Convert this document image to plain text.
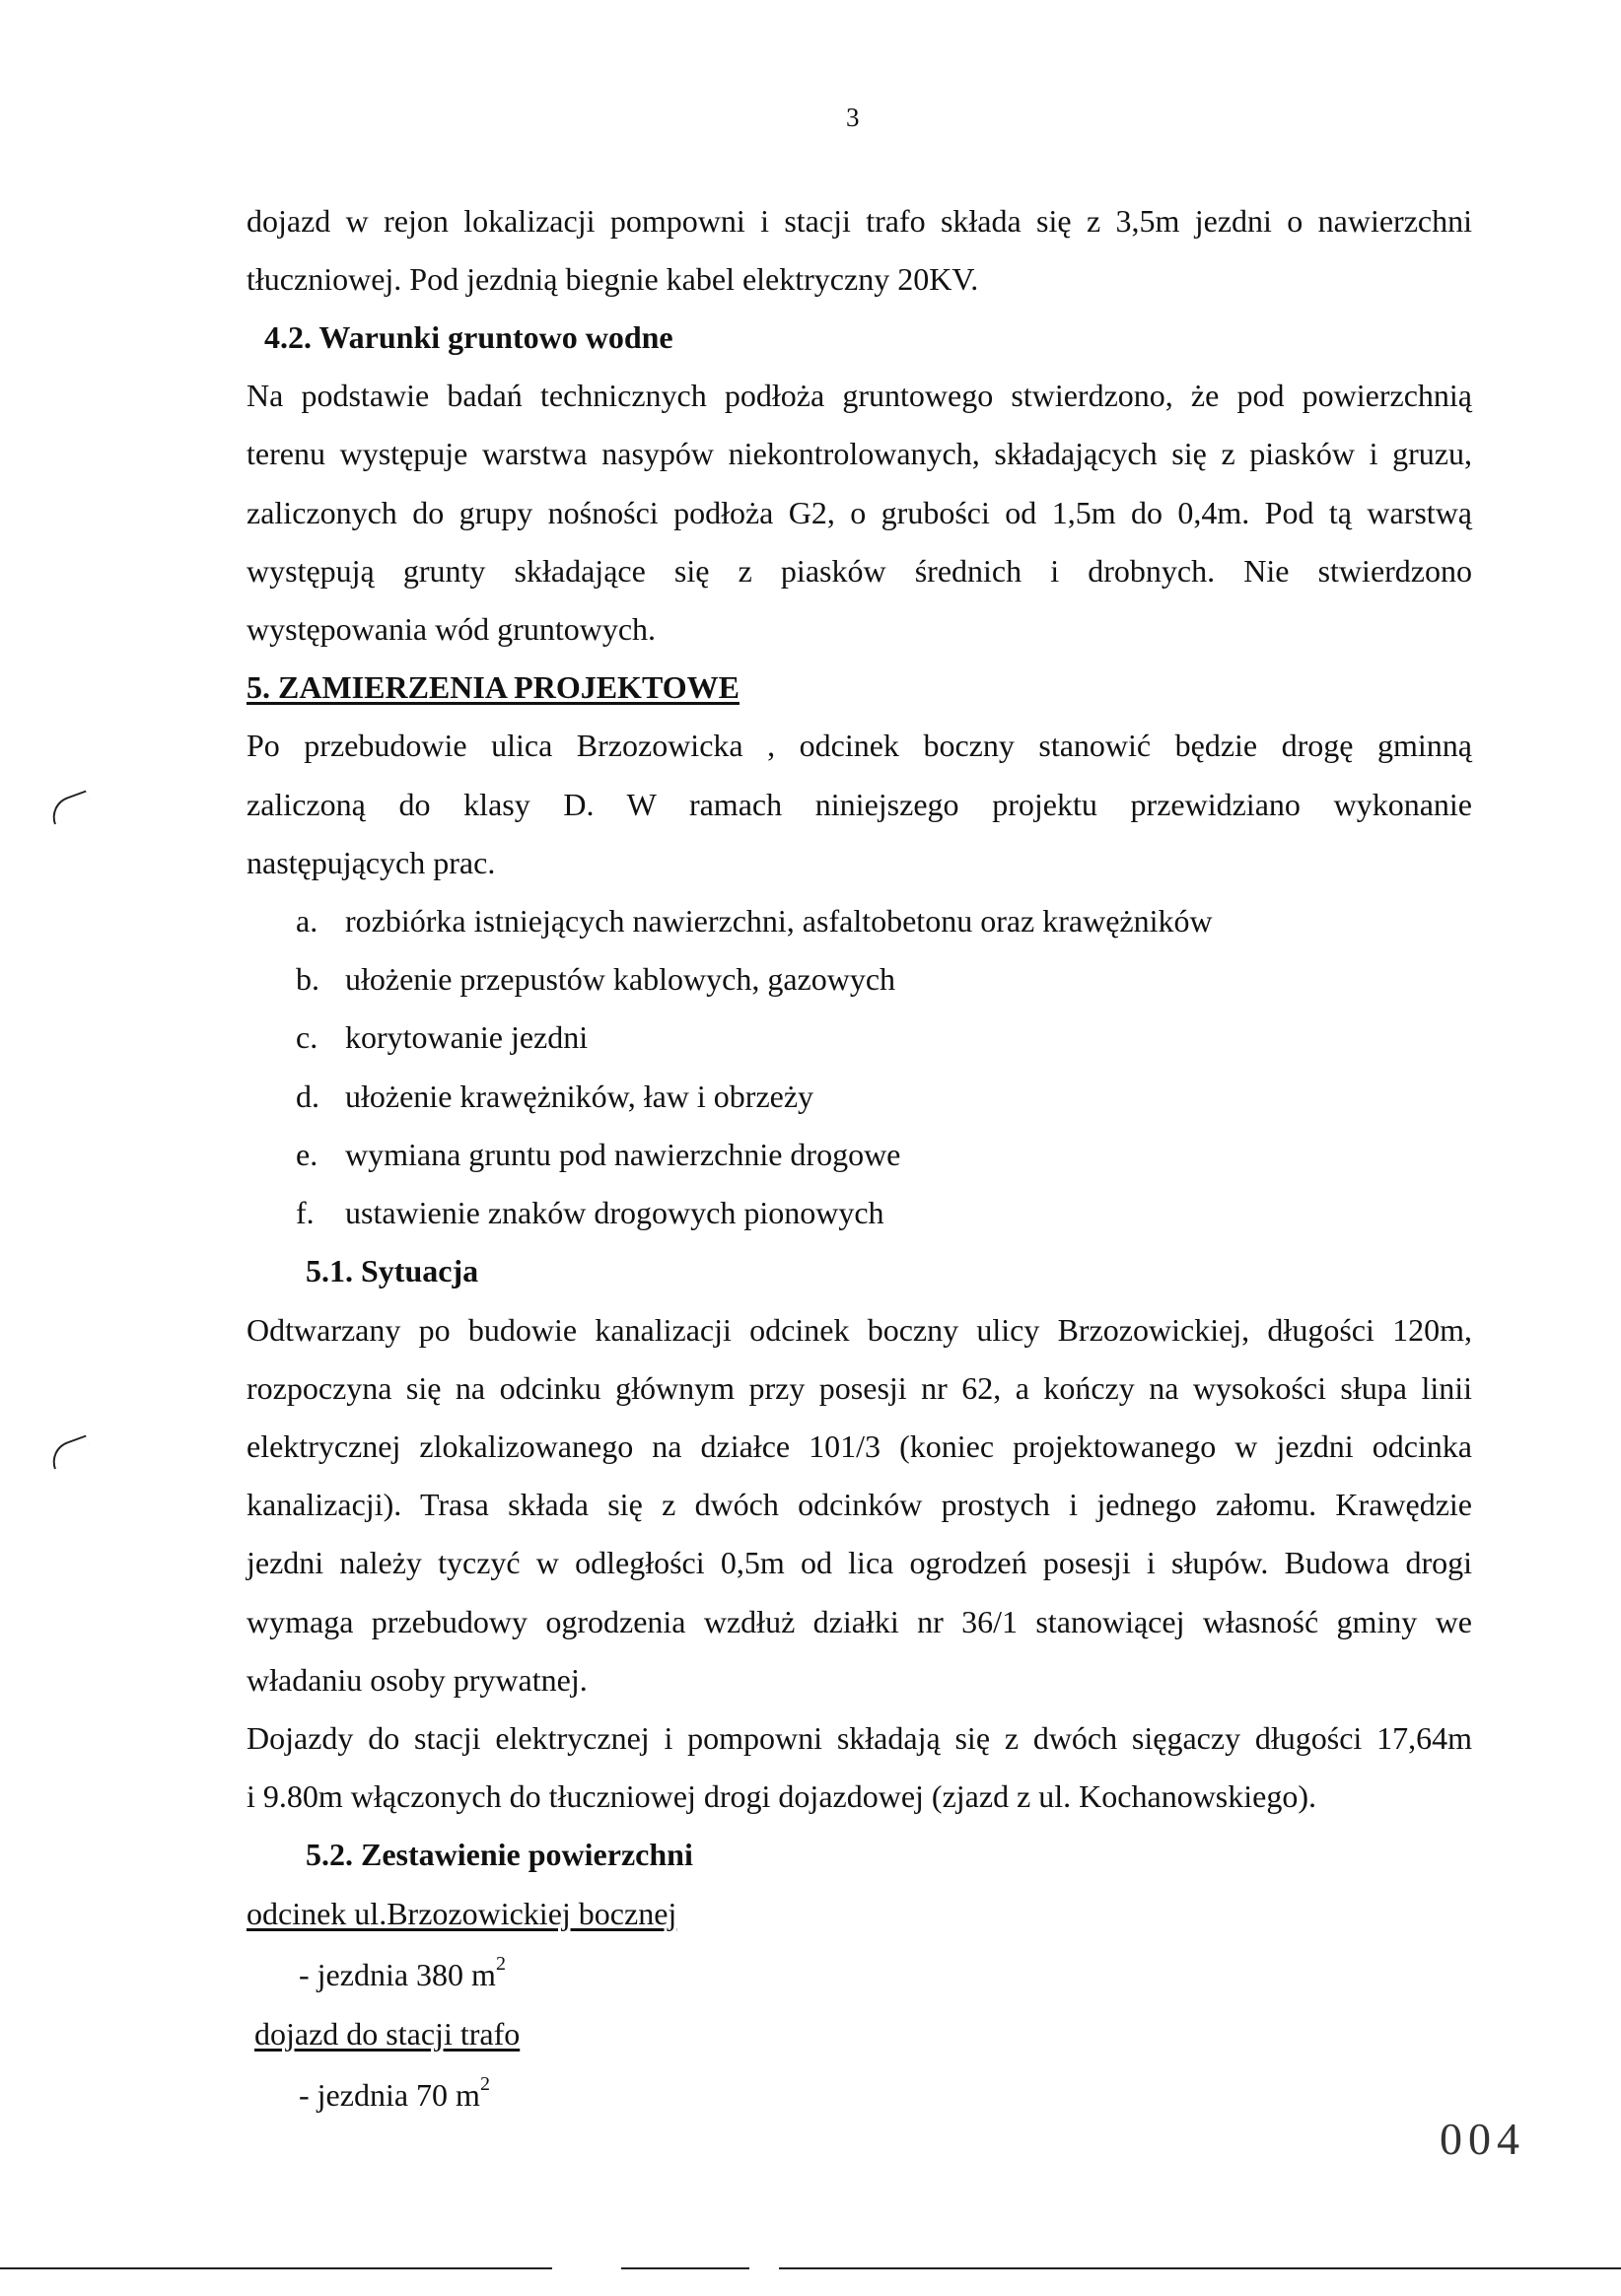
3
dojazd w rejon lokalizacji pompowni i stacji trafo składa się z 3,5m jezdni o nawierzchni
tłuczniowej. Pod jezdnią biegnie kabel elektryczny 20KV.
4.2. Warunki gruntowo wodne
Na podstawie badań technicznych podłoża gruntowego stwierdzono, że pod powierzchnią
terenu występuje warstwa nasypów niekontrolowanych, składających się z piasków i gruzu,
zaliczonych do grupy nośności podłoża G2, o grubości od 1,5m do 0,4m. Pod tą warstwą
występują grunty składające się z piasków średnich i drobnych. Nie stwierdzono
występowania wód gruntowych.
5. ZAMIERZENIA PROJEKTOWE
Po przebudowie ulica Brzozowicka , odcinek boczny stanowić będzie drogę gminną
zaliczoną do klasy D. W ramach niniejszego projektu przewidziano wykonanie
następujących prac.
a. rozbiórka istniejących nawierzchni, asfaltobetonu oraz krawężników
b. ułożenie przepustów kablowych, gazowych
c. korytowanie jezdni
d. ułożenie krawężników, ław i obrzeży
e. wymiana gruntu pod nawierzchnie drogowe
f. ustawienie znaków drogowych pionowych
5.1. Sytuacja
Odtwarzany po budowie kanalizacji odcinek boczny ulicy Brzozowickiej, długości 120m,
rozpoczyna się na odcinku głównym przy posesji nr 62, a kończy na wysokości słupa linii
elektrycznej zlokalizowanego na działce 101/3 (koniec projektowanego w jezdni odcinka
kanalizacji). Trasa składa się z dwóch odcinków prostych i jednego załomu. Krawędzie
jezdni należy tyczyć w odległości 0,5m od lica ogrodzeń posesji i słupów. Budowa drogi
wymaga przebudowy ogrodzenia wzdłuż działki nr 36/1 stanowiącej własność gminy we
władaniu osoby prywatnej.
Dojazdy do stacji elektrycznej i pompowni składają się z dwóch sięgaczy długości 17,64m
i 9.80m włączonych do tłuczniowej drogi dojazdowej (zjazd z ul. Kochanowskiego).
5.2. Zestawienie powierzchni
odcinek ul.Brzozowickiej bocznej
- jezdnia 380 $m^2$
dojazd do stacji trafo
- jezdnia 70 $m^2$
004
